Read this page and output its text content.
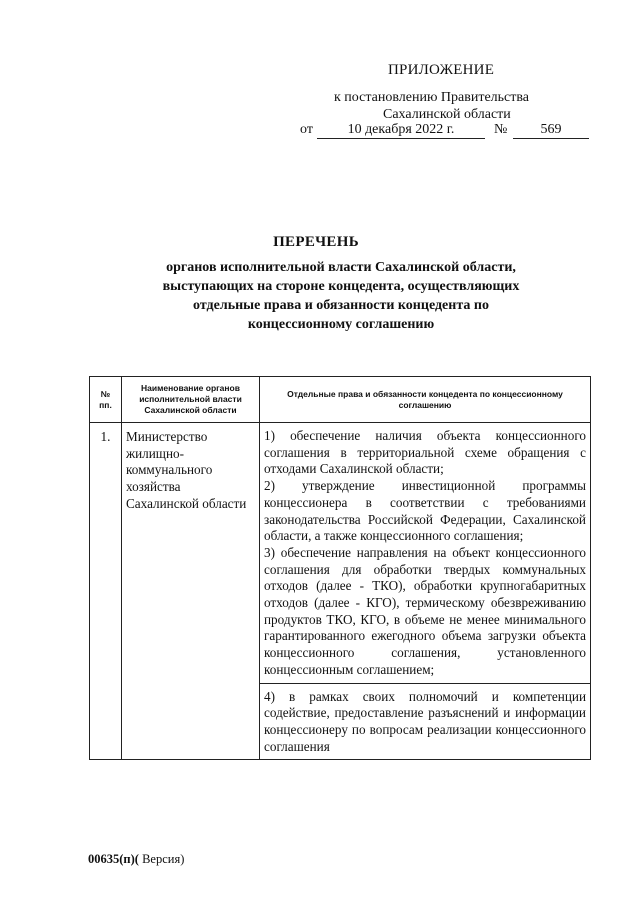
ПРИЛОЖЕНИЕ
к постановлению Правительства
Сахалинской области
от	10 декабря 2022 г.	№	569
ПЕРЕЧЕНЬ
органов исполнительной власти Сахалинской области, выступающих на стороне концедента, осуществляющих отдельные права и обязанности концедента по концессионному соглашению
№ пп.	Наименование органов исполнительной власти Сахалинской области	Отдельные права и обязанности концедента по концессионному соглашению
1.	Министерство жилищно-коммунального хозяйства Сахалинской области	1) обеспечение наличия объекта концессионного соглашения в территориальной схеме обращения с отходами Сахалинской области;

2) утверждение инвестиционной программы концессионера в соответствии с требованиями законодательства Российской Федерации, Сахалинской области, а также концессионного соглашения;

3) обеспечение направления на объект концессионного соглашения для обработки твердых коммунальных отходов (далее - ТКО), обработки крупногабаритных отходов (далее - КГО), термическому обезвреживанию продуктов ТКО, КГО, в объеме не менее минимального гарантированного ежегодного объема загрузки объекта концессионного соглашения, установленного концессионным соглашением;

4) в рамках своих полномочий и компетенции содействие, предоставление разъяснений и информации концессионеру по вопросам реализации концессионного соглашения

00635(п)( Версия)
